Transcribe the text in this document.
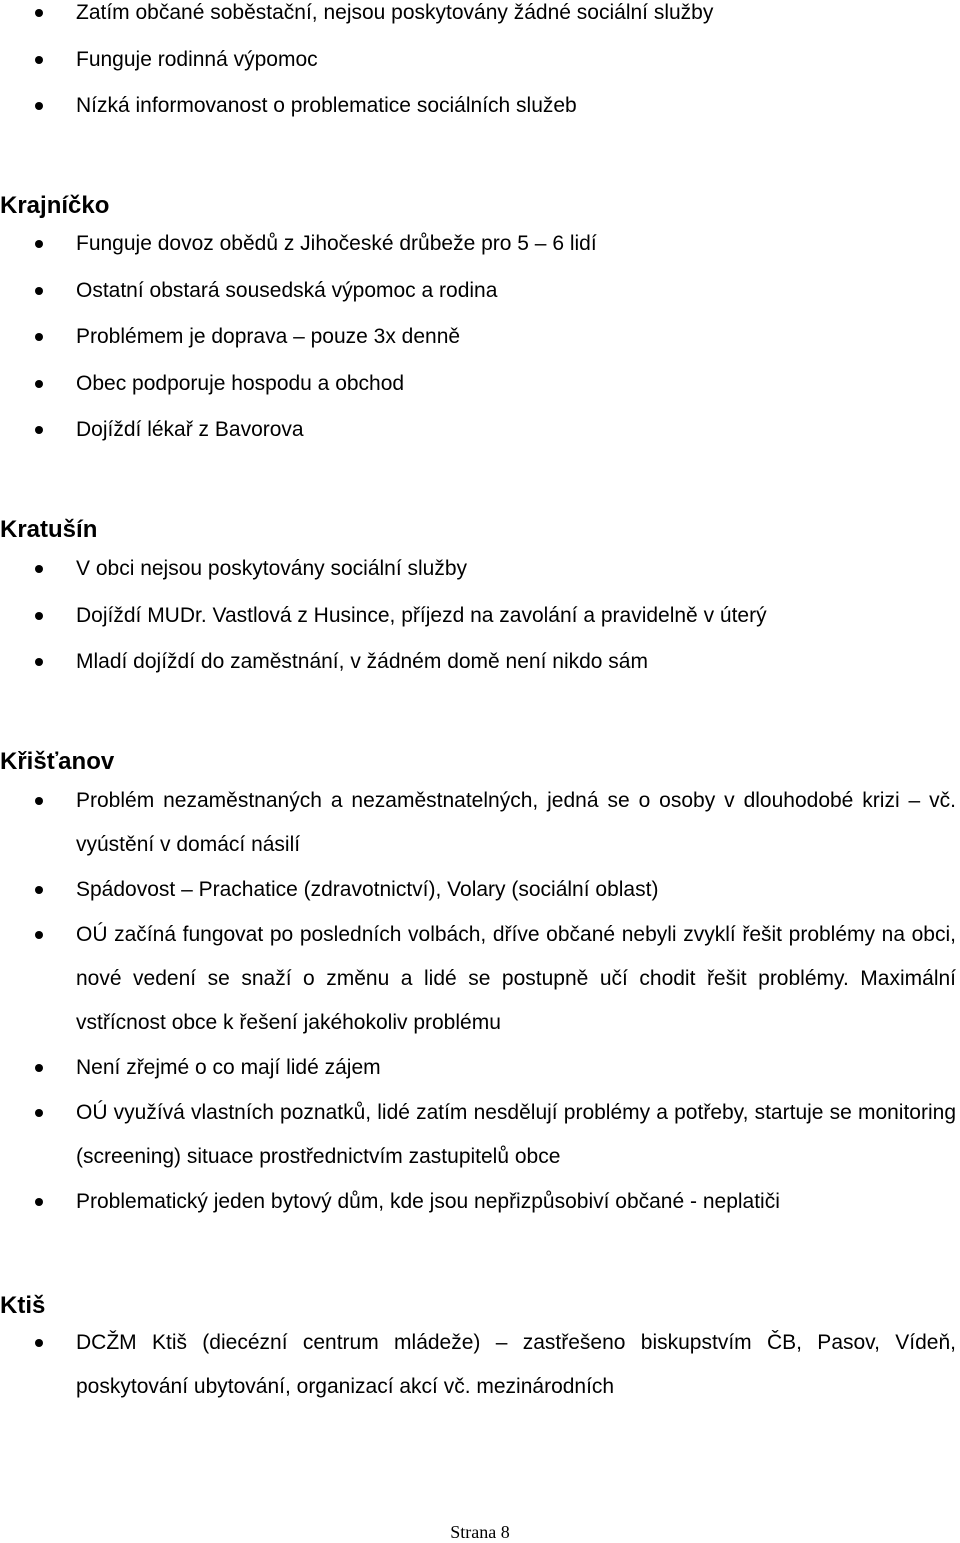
Zatím občané soběstační, nejsou poskytovány žádné sociální služby
Funguje rodinná výpomoc
Nízká informovanost o problematice sociálních služeb
Krajníčko
Funguje dovoz obědů z Jihočeské drůbeže pro 5 – 6 lidí
Ostatní obstará sousedská výpomoc a rodina
Problémem je doprava – pouze 3x denně
Obec podporuje hospodu a obchod
Dojíždí lékař z Bavorova
Kratušín
V obci nejsou poskytovány sociální služby
Dojíždí MUDr. Vastlová z Husince, příjezd na zavolání a pravidelně v úterý
Mladí dojíždí do zaměstnání, v žádném domě není nikdo sám
Křišťanov
Problém nezaměstnaných a nezaměstnatelných, jedná se o osoby v dlouhodobé krizi – vč. vyústění v domácí násilí
Spádovost – Prachatice (zdravotnictví), Volary (sociální oblast)
OÚ začíná fungovat po posledních volbách, dříve občané nebyli zvyklí řešit problémy na obci, nové vedení se snaží o změnu a lidé se postupně učí chodit řešit problémy. Maximální vstřícnost obce k řešení jakéhokoliv problému
Není zřejmé o co mají lidé zájem
OÚ využívá vlastních poznatků, lidé zatím nesdělují problémy a potřeby, startuje se monitoring (screening) situace prostřednictvím zastupitelů obce
Problematický jeden bytový dům, kde jsou nepřizpůsobiví občané - neplatiči
Ktiš
DCŽM Ktiš (diecézní centrum mládeže) – zastřešeno biskupstvím ČB, Pasov, Vídeň, poskytování ubytování, organizací akcí vč. mezinárodních
Strana 8
